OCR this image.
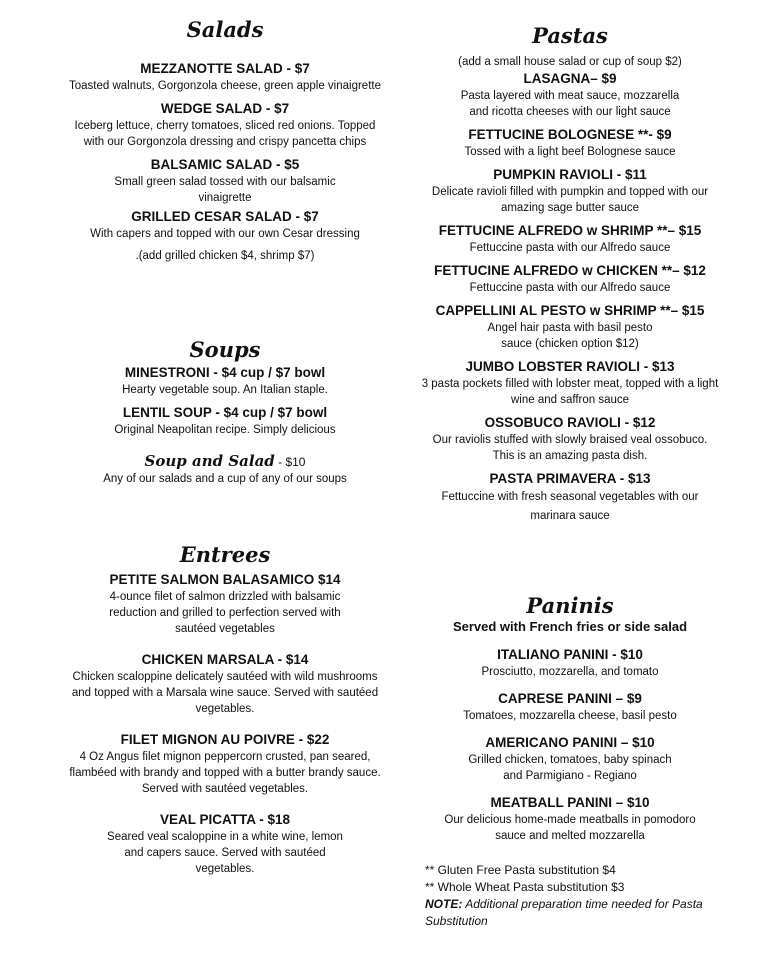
Salads

MEZZANOTTE SALAD - $7

Toasted walnuts, Gorgonzola cheese, green apple vinaigrette

WEDGE SALAD - $7

Iceberg lettuce, cherry tomatoes, sliced red onions. Topped with our Gorgonzola dressing and crispy pancetta chips

BALSAMIC SALAD - $5

Small green salad tossed with our balsamic vinaigrette

GRILLED CESAR SALAD - $7

With capers and topped with our own Cesar dressing

.(add grilled chicken $4, shrimp $7)

Soups

MINESTRONI - $4 cup / $7 bowl

Hearty vegetable soup. An Italian staple.

LENTIL SOUP - $4 cup / $7 bowl

Original Neapolitan recipe. Simply delicious

Soup and Salad - $10

Any of our salads and a cup of any of our soups

Entrees

PETITE SALMON BALASAMICO $14

4-ounce filet of salmon drizzled with balsamic reduction and grilled to perfection served with sautéed vegetables

CHICKEN MARSALA - $14

Chicken scaloppine delicately sautéed with wild mushrooms and topped with a Marsala wine sauce. Served with sautéed vegetables.

FILET MIGNON AU POIVRE - $22

4 Oz Angus filet mignon peppercorn crusted, pan seared, flambéed with brandy and topped with a butter brandy sauce. Served with sautéed vegetables.

VEAL PICATTA - $18

Seared veal scaloppine in a white wine, lemon and capers sauce. Served with sautéed vegetables.

Pastas

(add a small house salad or cup of soup $2)

LASAGNA– $9

Pasta layered with meat sauce, mozzarella and ricotta cheeses with our light sauce

FETTUCINE BOLOGNESE **- $9

Tossed with a light beef Bolognese sauce

PUMPKIN RAVIOLI - $11

Delicate ravioli filled with pumpkin and topped with our amazing sage butter sauce

FETTUCINE ALFREDO w SHRIMP **– $15

Fettuccine pasta with our Alfredo sauce

FETTUCINE ALFREDO w CHICKEN **– $12

Fettuccine pasta with our Alfredo sauce

CAPPELLINI AL PESTO w SHRIMP **– $15

Angel hair pasta with basil pesto sauce (chicken option $12)

JUMBO LOBSTER RAVIOLI - $13

3 pasta pockets filled with lobster meat, topped with a light wine and saffron sauce

OSSOBUCO RAVIOLI - $12

Our raviolis stuffed with slowly braised veal ossobuco. This is an amazing pasta dish.

PASTA PRIMAVERA - $13

Fettuccine with fresh seasonal vegetables with our marinara sauce

Paninis

Served with French fries or side salad

ITALIANO PANINI - $10

Prosciutto, mozzarella, and tomato

CAPRESE PANINI – $9

Tomatoes, mozzarella cheese, basil pesto

AMERICANO PANINI – $10

Grilled chicken, tomatoes, baby spinach and Parmigiano - Regiano

MEATBALL PANINI – $10

Our delicious home-made meatballs in pomodoro sauce and melted mozzarella

** Gluten Free Pasta substitution $4
** Whole Wheat Pasta substitution $3
NOTE: Additional preparation time needed for Pasta Substitution
